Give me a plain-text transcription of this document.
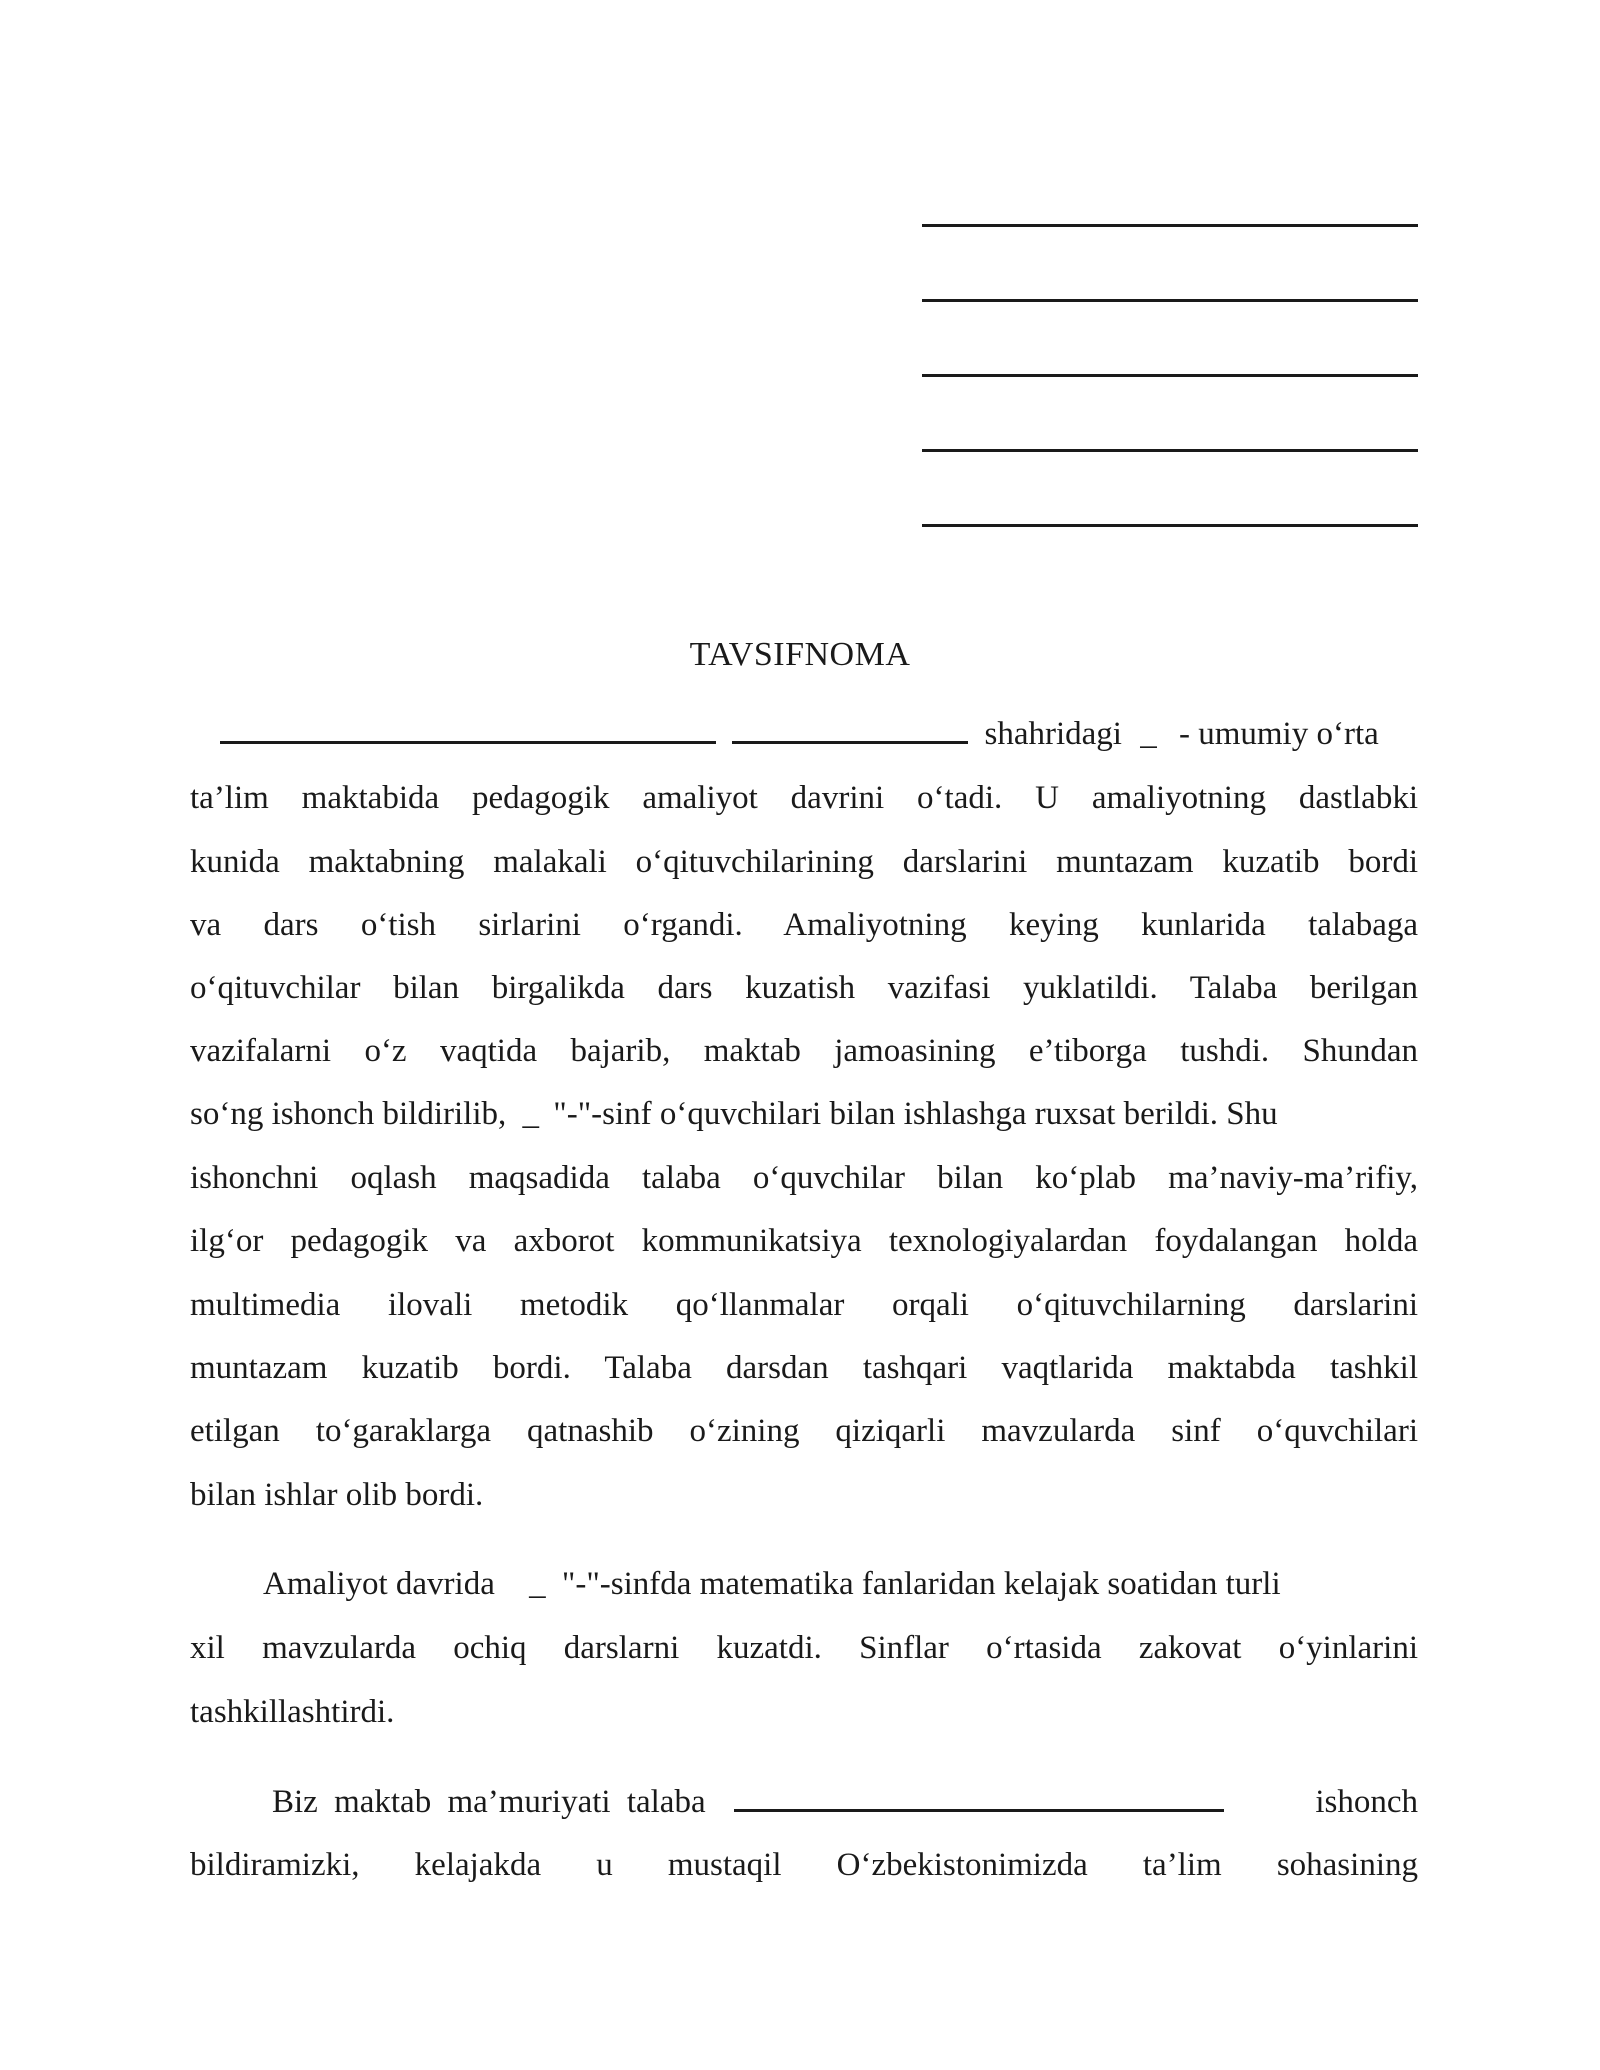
TAVSIFNOMA
shahridagi _ - umumiy o‘rta
ta’lim maktabida pedagogik amaliyot davrini o‘tadi. U amaliyotning dastlabki
kunida maktabning malakali o‘qituvchilarining darslarini muntazam kuzatib bordi
va dars o‘tish sirlarini o‘rgandi. Amaliyotning keying kunlarida talabaga
o‘qituvchilar bilan birgalikda dars kuzatish vazifasi yuklatildi. Talaba berilgan
vazifalarni o‘z vaqtida bajarib, maktab jamoasining e’tiborga tushdi. Shundan
so‘ng ishonch bildirilib, _ "-"-sinf o‘quvchilari bilan ishlashga ruxsat berildi. Shu
ishonchni oqlash maqsadida talaba o‘quvchilar bilan ko‘plab ma’naviy-ma’rifiy,
ilg‘or pedagogik va axborot kommunikatsiya texnologiyalardan foydalangan holda
multimedia ilovali metodik qo‘llanmalar orqali o‘qituvchilarning darslarini
muntazam kuzatib bordi. Talaba darsdan tashqari vaqtlarida maktabda tashkil
etilgan to‘garaklarga qatnashib o‘zining qiziqarli mavzularda sinf o‘quvchilari
bilan ishlar olib bordi.
Amaliyot davrida _ "-"-sinfda matematika fanlaridan kelajak soatidan turli
xil mavzularda ochiq darslarni kuzatdi. Sinflar o‘rtasida zakovat o‘yinlarini
tashkillashtirdi.
Biz maktab ma’muriyati talaba	ishonch
bildiramizki, kelajakda u mustaqil O‘zbekistonimizda ta’lim sohasining
